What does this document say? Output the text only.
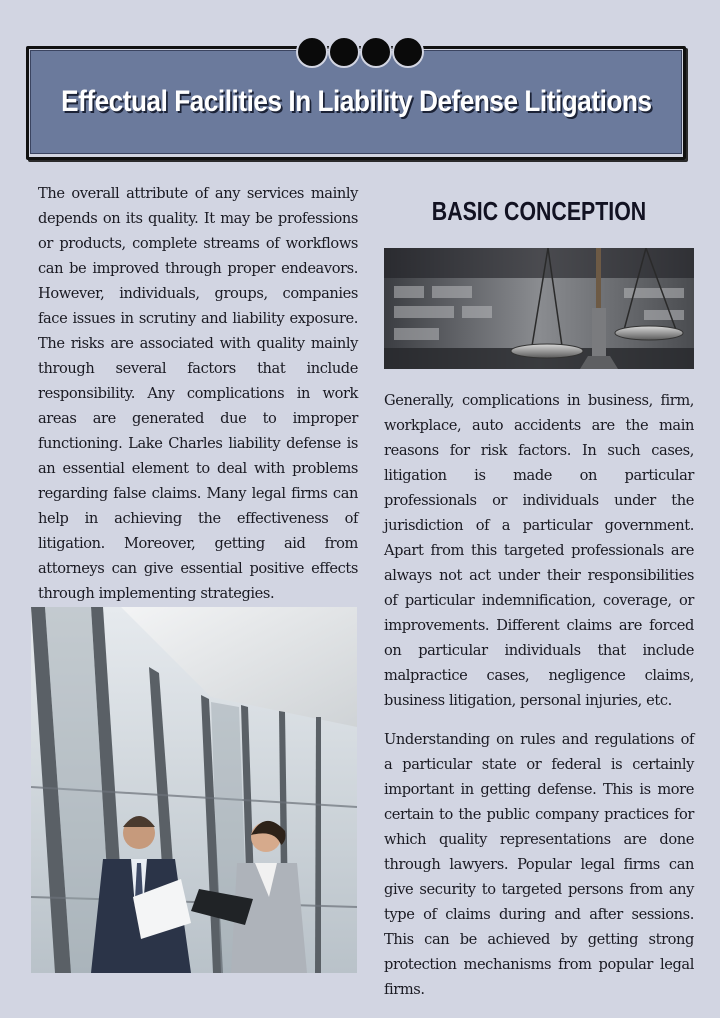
Effectual Facilities In Liability Defense Litigations

The overall attribute of any services mainly depends on its quality. It may be professions or products, complete streams of workflows can be improved through proper endeavors. However, individuals, groups, companies face issues in scrutiny and liability exposure. The risks are associated with quality mainly through several factors that include responsibility. Any complications in work areas are generated due to improper functioning. Lake Charles liability defense is an essential element to deal with problems regarding false claims. Many legal firms can help in achieving the effectiveness of litigation. Moreover, getting aid from attorneys can give essential positive effects through implementing strategies.

BASIC CONCEPTION

Generally, complications in business, firm, workplace, auto accidents are the main reasons for risk factors. In such cases, litigation is made on particular professionals or individuals under the jurisdiction of a particular government. Apart from this targeted professionals are always not act under their responsibilities of particular indemnification, coverage, or improvements. Different claims are forced on particular individuals that include malpractice cases, negligence claims, business litigation, personal injuries, etc.

Understanding on rules and regulations of a particular state or federal is certainly important in getting defense. This is more certain to the public company practices for which quality representations are done through lawyers. Popular legal firms can give security to targeted persons from any type of claims during and after sessions. This can be achieved by getting strong protection mechanisms from popular legal firms.
